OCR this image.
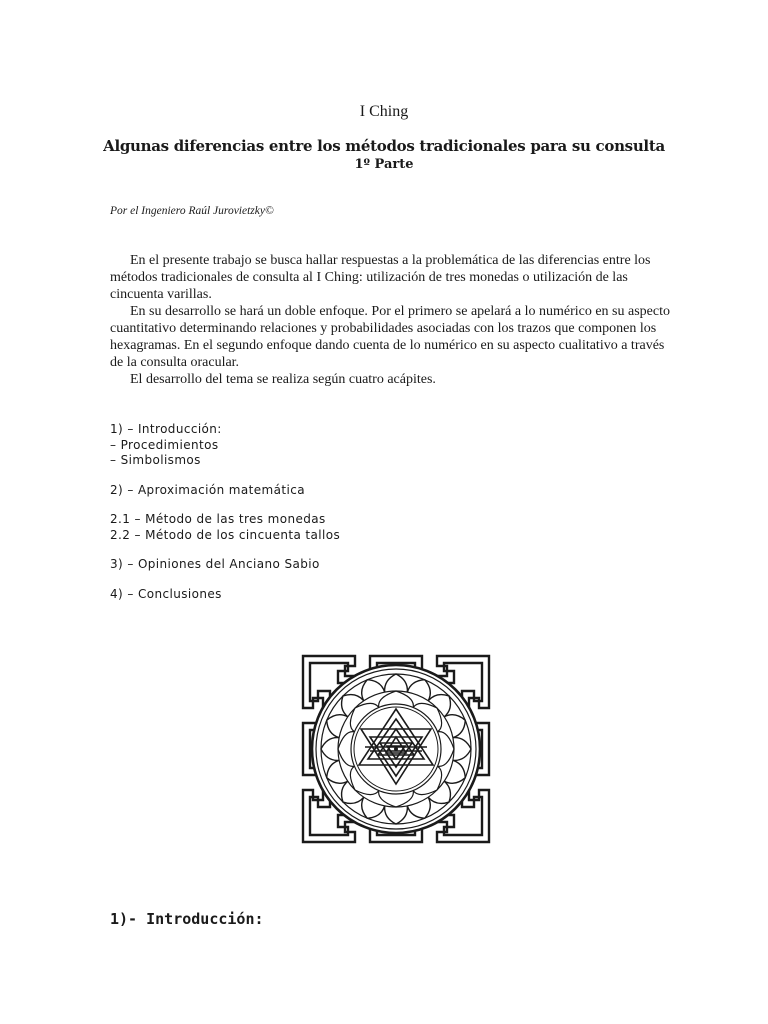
I Ching
Algunas diferencias entre los métodos tradicionales para su consulta
1º Parte
Por el Ingeniero Raúl Jurovietzky©

En el presente trabajo se busca hallar respuestas a la problemática de las diferencias entre los métodos tradicionales de consulta al I Ching: utilización de tres monedas o utilización de las cincuenta varillas.

En su desarrollo se hará un doble enfoque. Por el primero se apelará a lo numérico en su aspecto cuantitativo determinando relaciones y probabilidades asociadas con los trazos que componen los hexagramas. En el segundo enfoque dando cuenta de lo numérico en su aspecto cualitativo a través de la consulta oracular.

El desarrollo del tema se realiza según cuatro acápites.

1) – Introducción:
– Procedimientos
– Simbolismos
2) – Aproximación matemática
2.1 – Método de las tres monedas
2.2 – Método de los cincuenta tallos
3) – Opiniones del Anciano Sabio
4) – Conclusiones
1)- Introducción:
